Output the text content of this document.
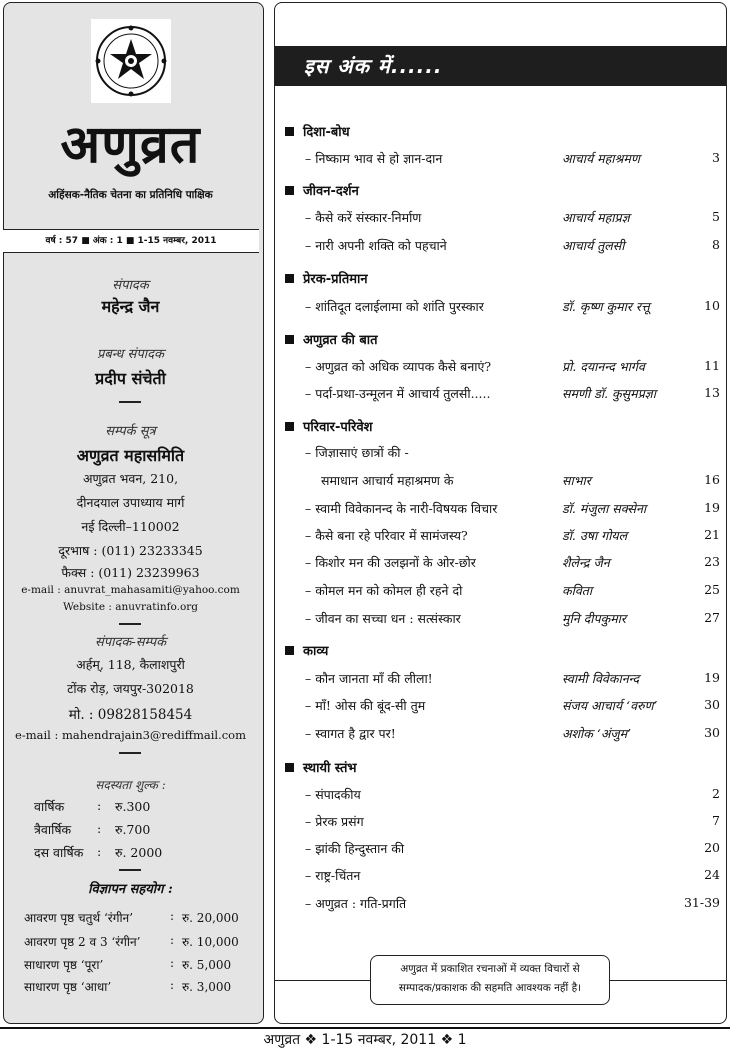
अणुव्रत
अहिंसक-नैतिक चेतना का प्रतिनिधि पाक्षिक
वर्ष : 57 ■ अंक : 1 ■ 1-15 नवम्बर, 2011
संपादक
महेन्द्र जैन
प्रबन्ध संपादक
प्रदीप संचेती
सम्पर्क सूत्र
अणुव्रत महासमिति
अणुव्रत भवन, 210,
दीनदयाल उपाध्याय मार्ग
नई दिल्ली–110002
दूरभाष : (011) 23233345
फैक्स : (011) 23239963
e-mail : anuvrat_mahasamiti@yahoo.com
Website : anuvratinfo.org
संपादक-सम्पर्क
अर्हम्, 118, कैलाशपुरी
टोंक रोड़, जयपुर-302018
मो. : 09828158454
e-mail : mahendrajain3@rediffmail.com
सदस्यता शुल्क :
वार्षिक	: रु.300
त्रैवार्षिक : रु.700
दस वार्षिक : रु. 2000
विज्ञापन सहयोग :
आवरण पृष्ठ चतुर्थ ‘रंगीन’	: रु. 20,000
आवरण पृष्ठ 2 व 3 ‘रंगीन’ : रु. 10,000
साधारण पृष्ठ ‘पूरा’	: रु. 5,000
साधारण पृष्ठ ‘आधा’	: रु. 3,000
इस अंक में......
दिशा-बोध
– निष्काम भाव से हो ज्ञान-दान	आचार्य महाश्रमण	3
जीवन-दर्शन
– कैसे करें संस्कार-निर्माण	आचार्य महाप्रज्ञ	5
– नारी अपनी शक्ति को पहचाने	आचार्य तुलसी	8
प्रेरक-प्रतिमान
– शांतिदूत दलाईलामा को शांति पुरस्कार	डॉ. कृष्ण कुमार रत्तू	10
अणुव्रत की बात
– अणुव्रत को अधिक व्यापक कैसे बनाएं?	प्रो. दयानन्द भार्गव	11
– पर्दा-प्रथा-उन्मूलन में आचार्य तुलसी.....	समणी डॉ. कुसुमप्रज्ञा	13
परिवार-परिवेश
– जिज्ञासाएं छात्रों की -
समाधान आचार्य महाश्रमण के	साभार	16
– स्वामी विवेकानन्द के नारी-विषयक विचार	डॉ. मंजुला सक्सेना	19
– कैसे बना रहे परिवार में सामंजस्य?	डॉ. उषा गोयल	21
– किशोर मन की उलझनों के ओर-छोर	शैलेन्द्र जैन	23
– कोमल मन को कोमल ही रहने दो	कविता	25
– जीवन का सच्चा धन : सत्संस्कार	मुनि दीपकुमार	27
काव्य
– कौन जानता माँ की लीला!	स्वामी विवेकानन्द	19
– माँ! ओस की बूंद-सी तुम	संजय आचार्य ‘वरुण’	30
– स्वागत है द्वार पर!	अशोक ‘अंजुम’	30
स्थायी स्तंभ
– संपादकीय	2
– प्रेरक प्रसंग	7
– झांकी हिन्दुस्तान की	20
– राष्ट्र-चिंतन	24
– अणुव्रत : गति-प्रगति	31-39
अणुव्रत में प्रकाशित रचनाओं में व्यक्त विचारों से
सम्पादक/प्रकाशक की सहमति आवश्यक नहीं है।
अणुव्रत ❖ 1-15 नवम्बर, 2011 ❖ 1
